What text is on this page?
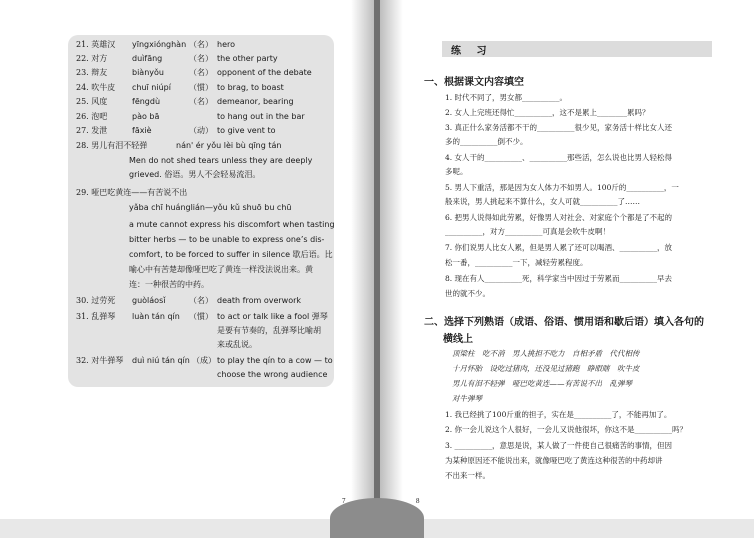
21. 英雄汉 yīngxiónghàn （名） hero
22. 对方	duìfāng	（名） the other party
23. 辩友	biànyǒu	（名） opponent of the debate
24. 吹牛皮 chuī niúpí （惯） to brag, to boast
25. 风度	fēngdù	（名） demeanor, bearing
26. 泡吧	pào bā	to hang out in the bar
27. 发泄	fāxiè	（动） to give vent to
28. 男儿有泪不轻弹	nán' ér yǒu lèi bù qīng tán
Men do not shed tears unless they are deeply
grieved. 俗语。男人不会轻易流泪。
29. 哑巴吃黄连——有苦说不出
yǎba chī huánglián—yǒu kǔ shuō bu chū
a mute cannot express his discomfort when tasting
bitter herbs — to be unable to express one’s dis-
comfort, to be forced to suffer in silence 歇后语。比
喻心中有苦楚却像哑巴吃了黄连一样没法说出来。黄
连：一种很苦的中药。
30. 过劳死 guòláosǐ	（名） death from overwork
31. 乱弹琴 luàn tán qín （惯） to act or talk like a fool 弹琴
是要有节奏的，乱弹琴比喻胡
来或乱说。
32. 对牛弹琴 duì niú tán qín （成） to play the qín to a cow — to
choose the wrong audience
7
练 习
一、根据课文内容填空
1. 时代不同了，男女都__________。
2. 女人上完班还得忙__________，这不是累上________累吗？
3. 真正什么家务活都不干的__________很少见，家务活十样比女人还
多的__________倒不少。
4. 女人干的__________、__________那些活，怎么说也比男人轻松得
多呢。
5. 男人下重活，那是因为女人体力不如男人。100斤的__________，一
般来说，男人挑起来不算什么，女人可就__________了……
6. 把男人说得如此劳累，好像男人对社会、对家庭个个都是了不起的
__________，对方__________可真是会吹牛皮啊！
7. 你们说男人比女人累，但是男人累了还可以喝酒、__________，放
松一番，__________一下，减轻劳累程度。
8. 现在有人__________死，科学家当中因过于劳累而__________早去
世的就不少。
二、选择下列熟语（成语、俗语、惯用语和歇后语）填入各句的
横线上
顶梁柱　吃不消　男人挑担不吃力　自相矛盾　代代相传
十月怀胎　设吃过猪肉，还没见过猪跑　睁眼瞎　吹牛皮
男儿有泪不轻弹　哑巴吃黄连——有苦说不出　乱弹琴
对牛弹琴
1. 我已经挑了100斤重的担子，实在是__________了，不能再加了。
2. 你一会儿说这个人很好，一会儿又说他很坏，你这不是__________吗？
3. __________，意思是说，某人做了一件使自己很痛苦的事情，但因
为某种原因还不能说出来，就像哑巴吃了黄连这种很苦的中药却讲
不出来一样。
8
